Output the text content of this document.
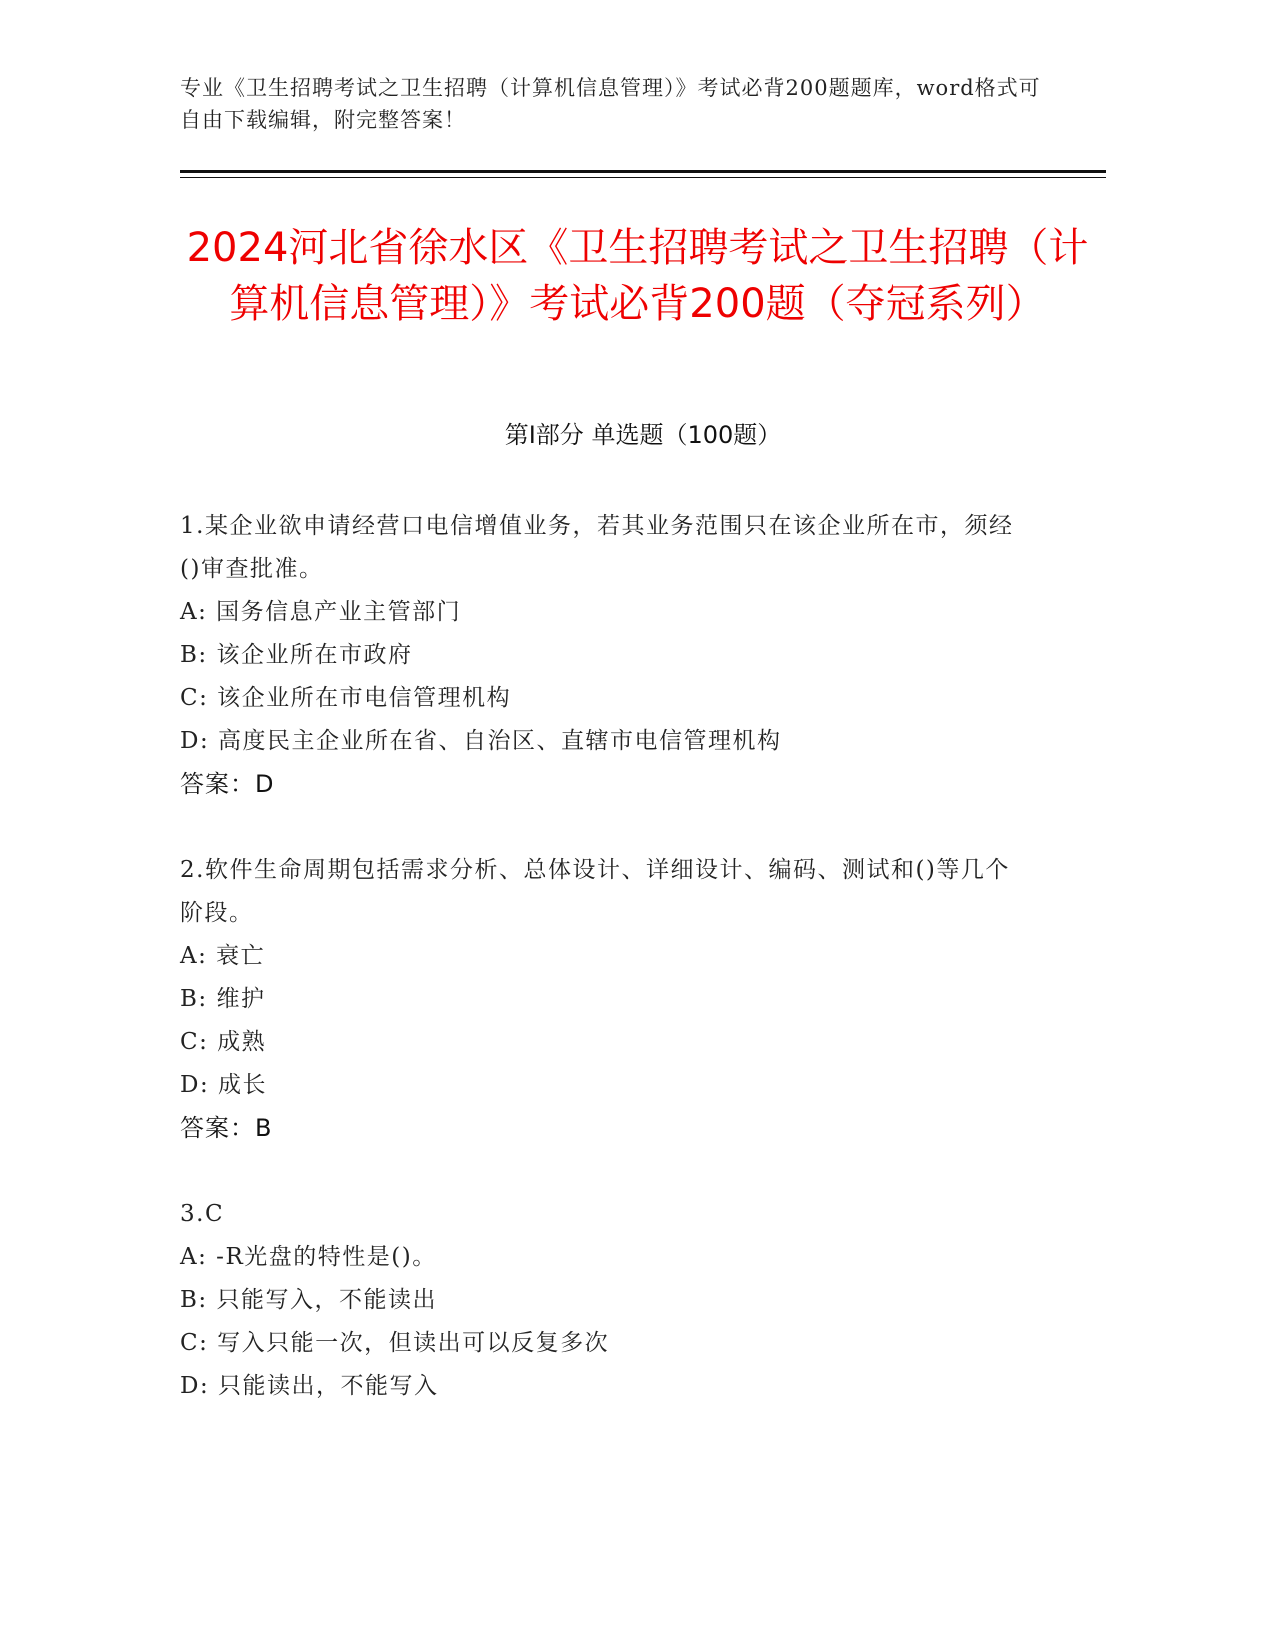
专业《卫生招聘考试之卫生招聘（计算机信息管理）》考试必背200题题库，word格式可自由下载编辑，附完整答案！
2024河北省徐水区《卫生招聘考试之卫生招聘（计算机信息管理）》考试必背200题（夺冠系列）
第Ⅰ部分 单选题（100题）
1.某企业欲申请经营口电信增值业务，若其业务范围只在该企业所在市，须经()审查批准。
A: 国务信息产业主管部门
B: 该企业所在市政府
C: 该企业所在市电信管理机构
D: 高度民主企业所在省、自治区、直辖市电信管理机构
答案：D
2.软件生命周期包括需求分析、总体设计、详细设计、编码、测试和()等几个阶段。
A: 衰亡
B: 维护
C: 成熟
D: 成长
答案：B
3.C
A: -R光盘的特性是()。
B: 只能写入，不能读出
C: 写入只能一次，但读出可以反复多次
D: 只能读出，不能写入
